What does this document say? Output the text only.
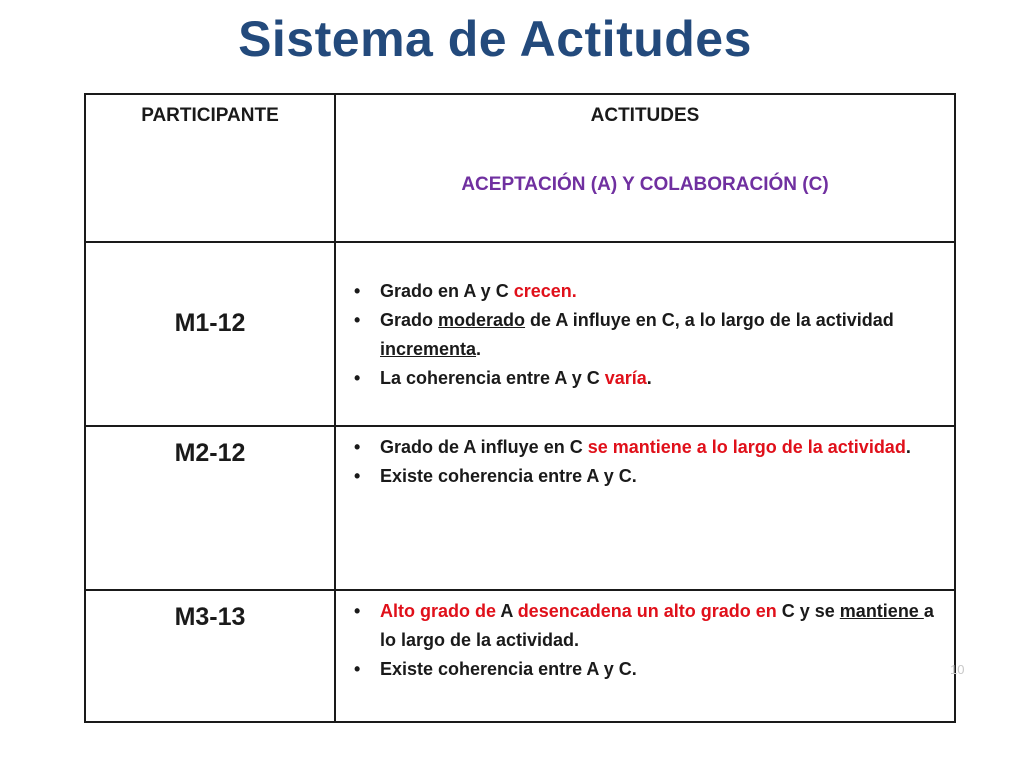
Sistema de Actitudes
PARTICIPANTE	ACTITUDES
ACEPTACIÓN (A) Y COLABORACIÓN (C)
M1-12
• Grado en A y C crecen.
• Grado moderado de A influye en C, a lo largo de la actividad incrementa.
• La coherencia entre A y C varía.
M2-12	• Grado de A influye en C se mantiene a lo largo de la actividad.
• Existe coherencia entre A y C.
M3-13	• Alto grado de A desencadena un alto grado en C y se mantiene a lo largo de la actividad.
• Existe coherencia entre A y C.	10
